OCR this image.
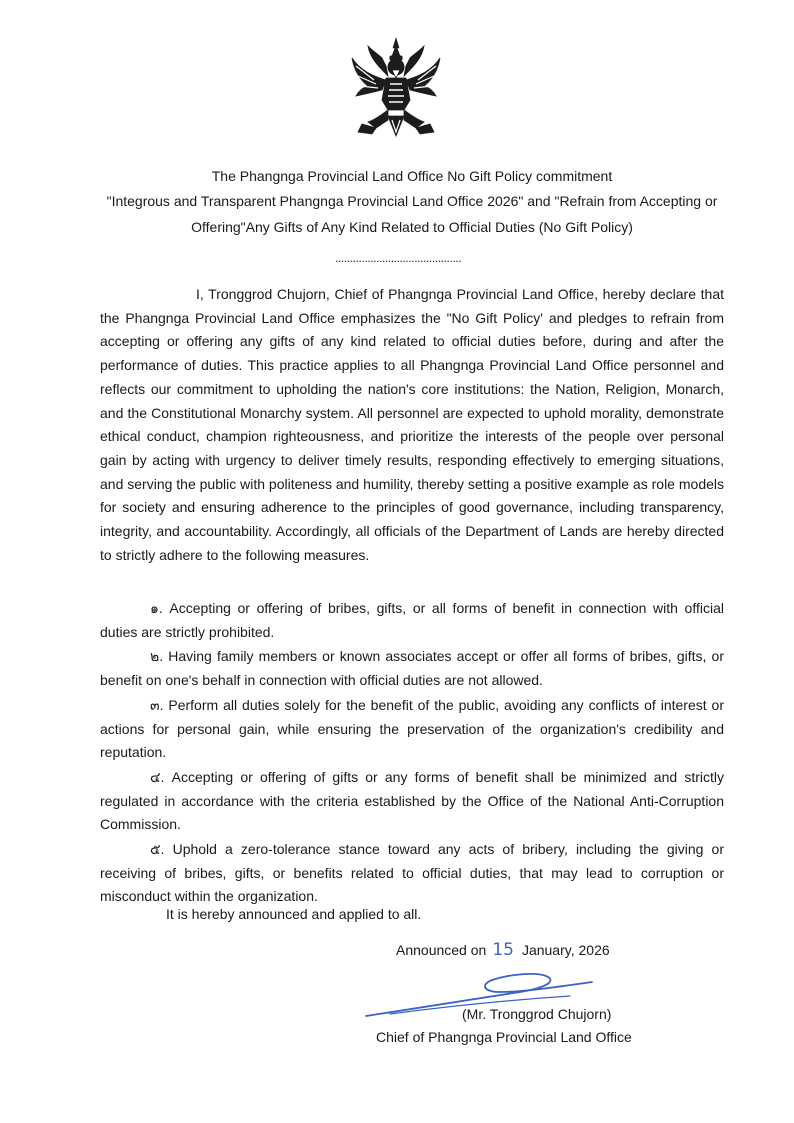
The Phangnga Provincial Land Office No Gift Policy commitment
"Integrous and Transparent Phangnga Provincial Land Office 2026" and "Refrain from Accepting or
Offering"Any Gifts of Any Kind Related to Official Duties (No Gift Policy)
...........................................
I, Tronggrod Chujorn, Chief of Phangnga Provincial Land Office, hereby declare that the Phangnga Provincial Land Office emphasizes the "No Gift Policy' and pledges to refrain from accepting or offering any gifts of any kind related to official duties before, during and after the performance of duties. This practice applies to all Phangnga Provincial Land Office personnel and reflects our commitment to upholding the nation's core institutions: the Nation, Religion, Monarch, and the Constitutional Monarchy system. All personnel are expected to uphold morality, demonstrate ethical conduct, champion righteousness, and prioritize the interests of the people over personal gain by acting with urgency to deliver timely results, responding effectively to emerging situations, and serving the public with politeness and humility, thereby setting a positive example as role models for society and ensuring adherence to the principles of good governance, including transparency, integrity, and accountability. Accordingly, all officials of the Department of Lands are hereby directed to strictly adhere to the following measures.
๑. Accepting or offering of bribes, gifts, or all forms of benefit in connection with official duties are strictly prohibited.
๒. Having family members or known associates accept or offer all forms of bribes, gifts, or benefit on one's behalf in connection with official duties are not allowed.
๓. Perform all duties solely for the benefit of the public, avoiding any conflicts of interest or actions for personal gain, while ensuring the preservation of the organization's credibility and reputation.
๔. Accepting or offering of gifts or any forms of benefit shall be minimized and strictly regulated in accordance with the criteria established by the Office of the National Anti-Corruption Commission.
๕. Uphold a zero-tolerance stance toward any acts of bribery, including the giving or receiving of bribes, gifts, or benefits related to official duties, that may lead to corruption or misconduct within the organization.
It is hereby announced and applied to all.
Announced on 15 January, 2026
(Mr. Tronggrod Chujorn)
Chief of Phangnga Provincial Land Office
